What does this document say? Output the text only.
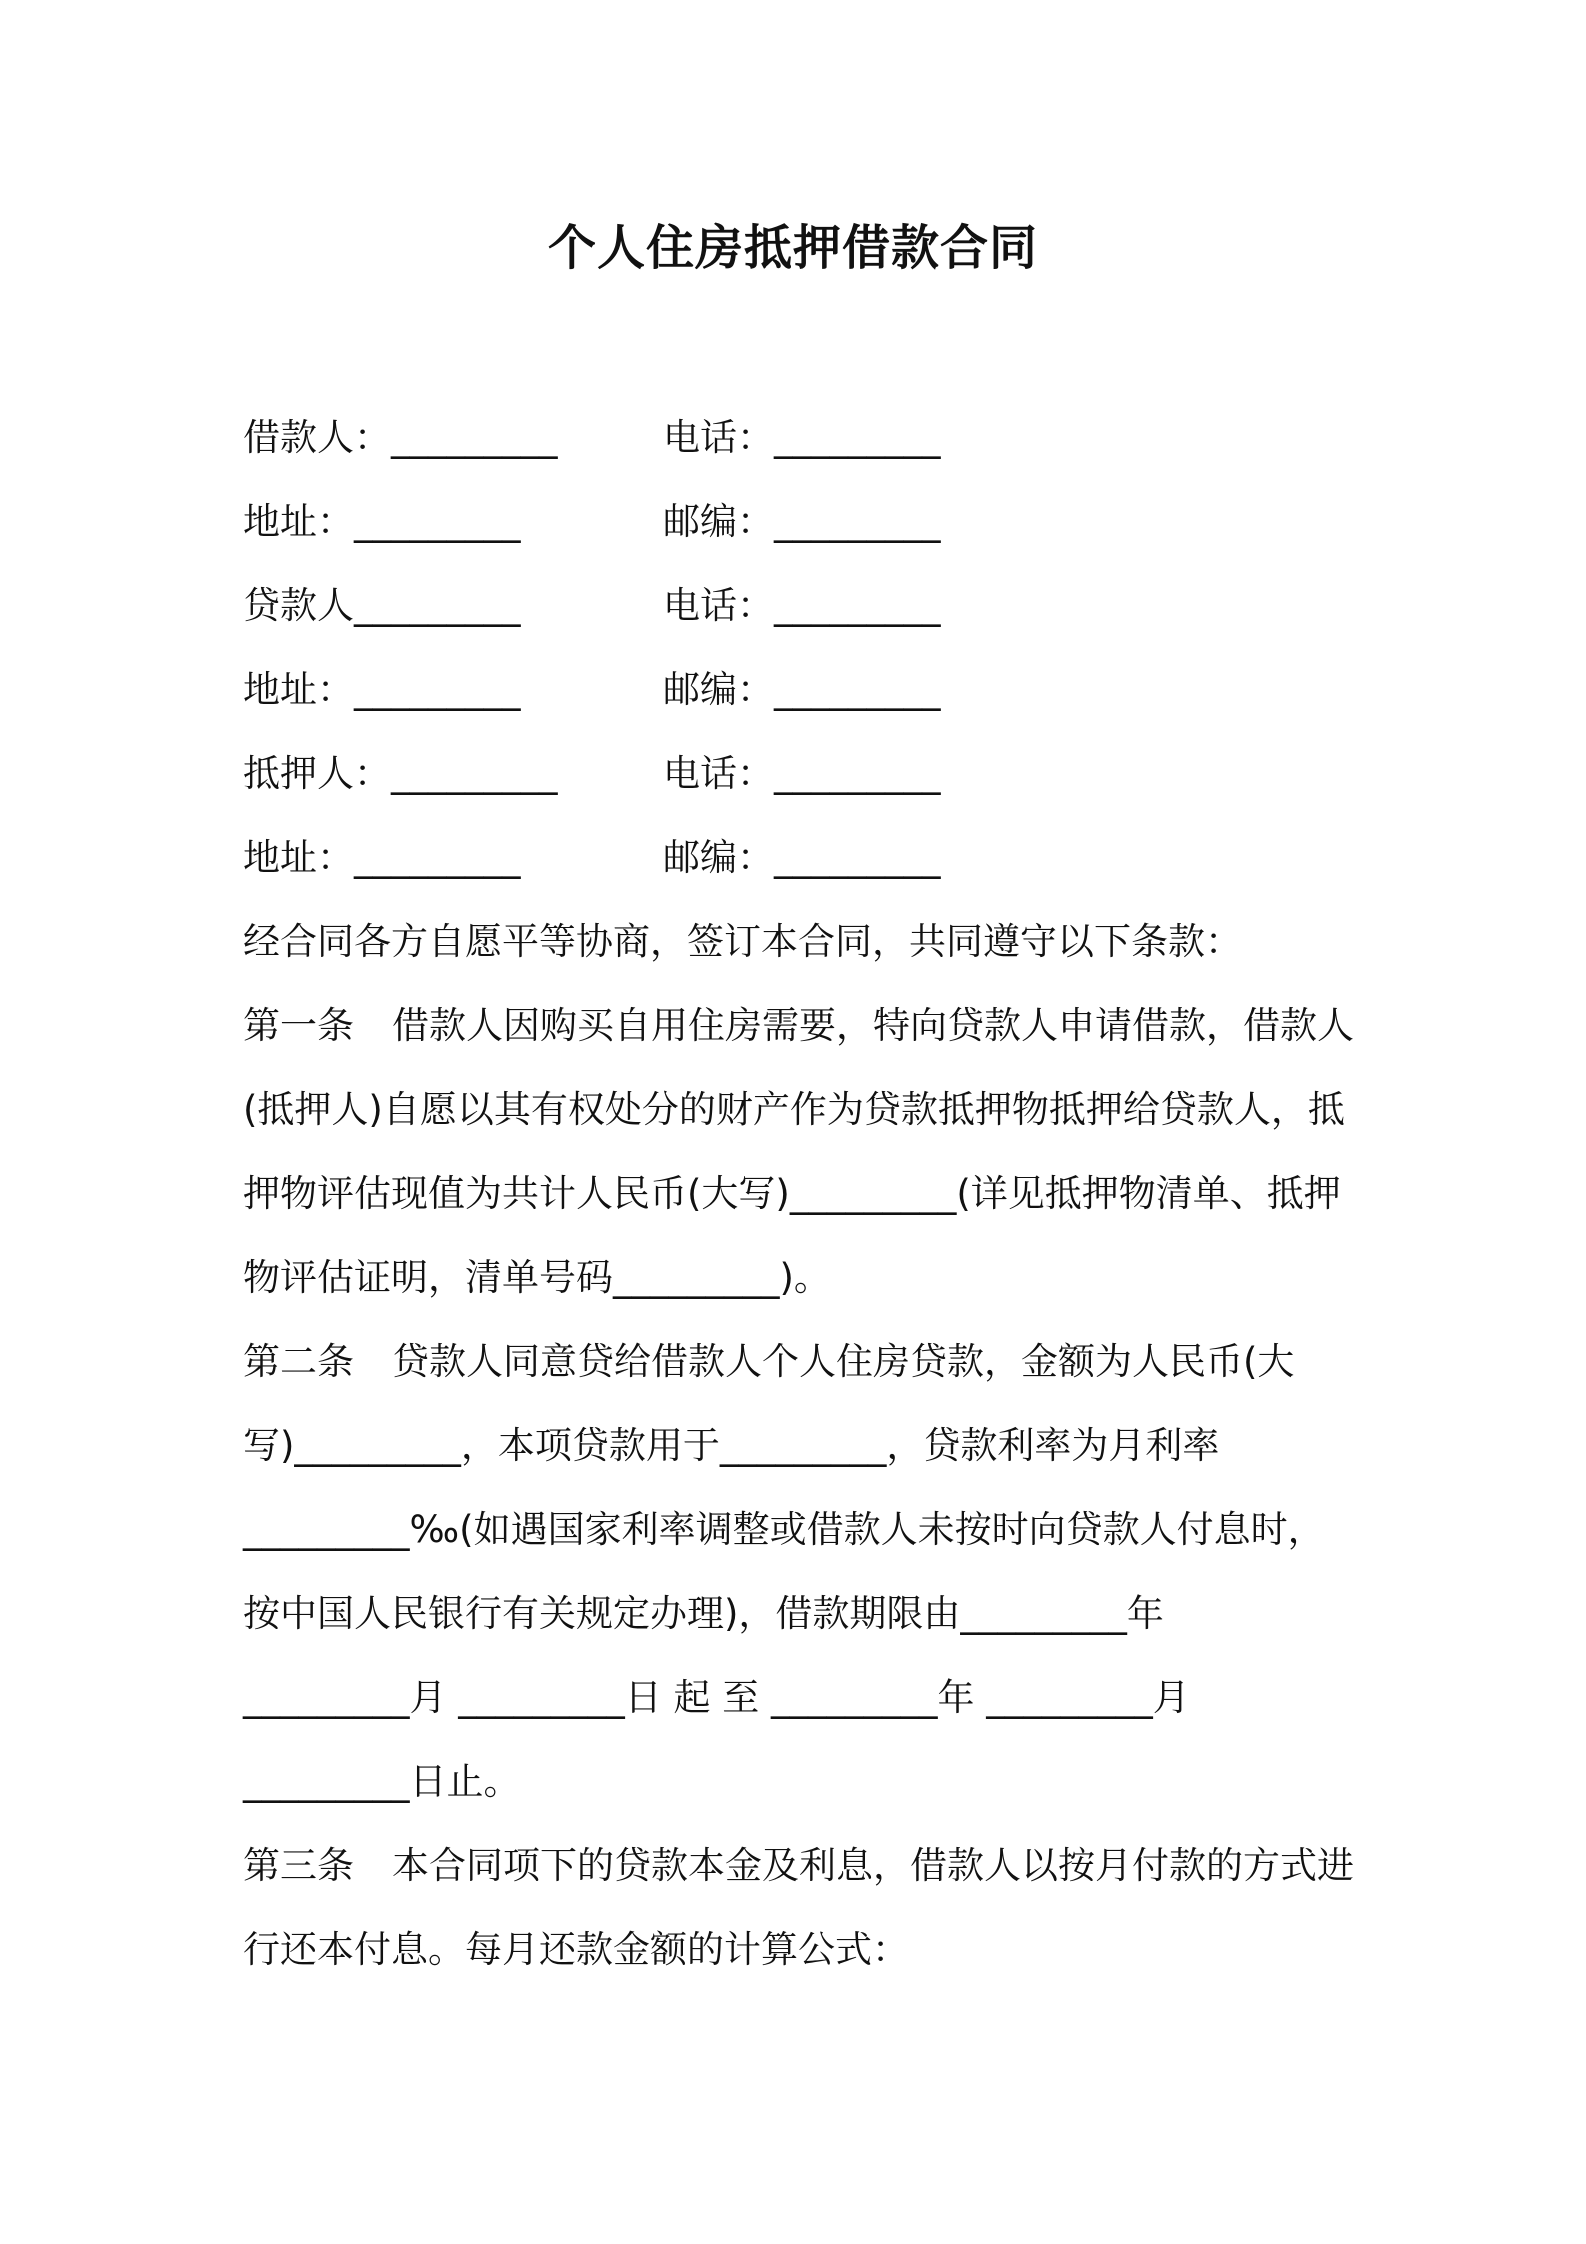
个人住房抵押借款合同
借款人：_________	电话：_________
地址：_________	邮编：_________
贷款人_________	电话：_________
地址：_________	邮编：_________
抵押人：_________	电话：_________
地址：_________	邮编：_________
经合同各方自愿平等协商，签订本合同，共同遵守以下条款：
第一条 借款人因购买自用住房需要，特向贷款人申请借款，借款人
(抵押人)自愿以其有权处分的财产作为贷款抵押物抵押给贷款人，抵
押物评估现值为共计人民币(大写)_________(详见抵押物清单、抵押
物评估证明，清单号码_________)。
第二条 贷款人同意贷给借款人个人住房贷款，金额为人民币(大
写)_________，本项贷款用于_________，贷款利率为月利率
_________‰(如遇国家利率调整或借款人未按时向贷款人付息时，
按中国人民银行有关规定办理)，借款期限由_________年
_________月 _________日 起 至 _________年 _________月
_________日止。
第三条 本合同项下的贷款本金及利息，借款人以按月付款的方式进
行还本付息。每月还款金额的计算公式：
